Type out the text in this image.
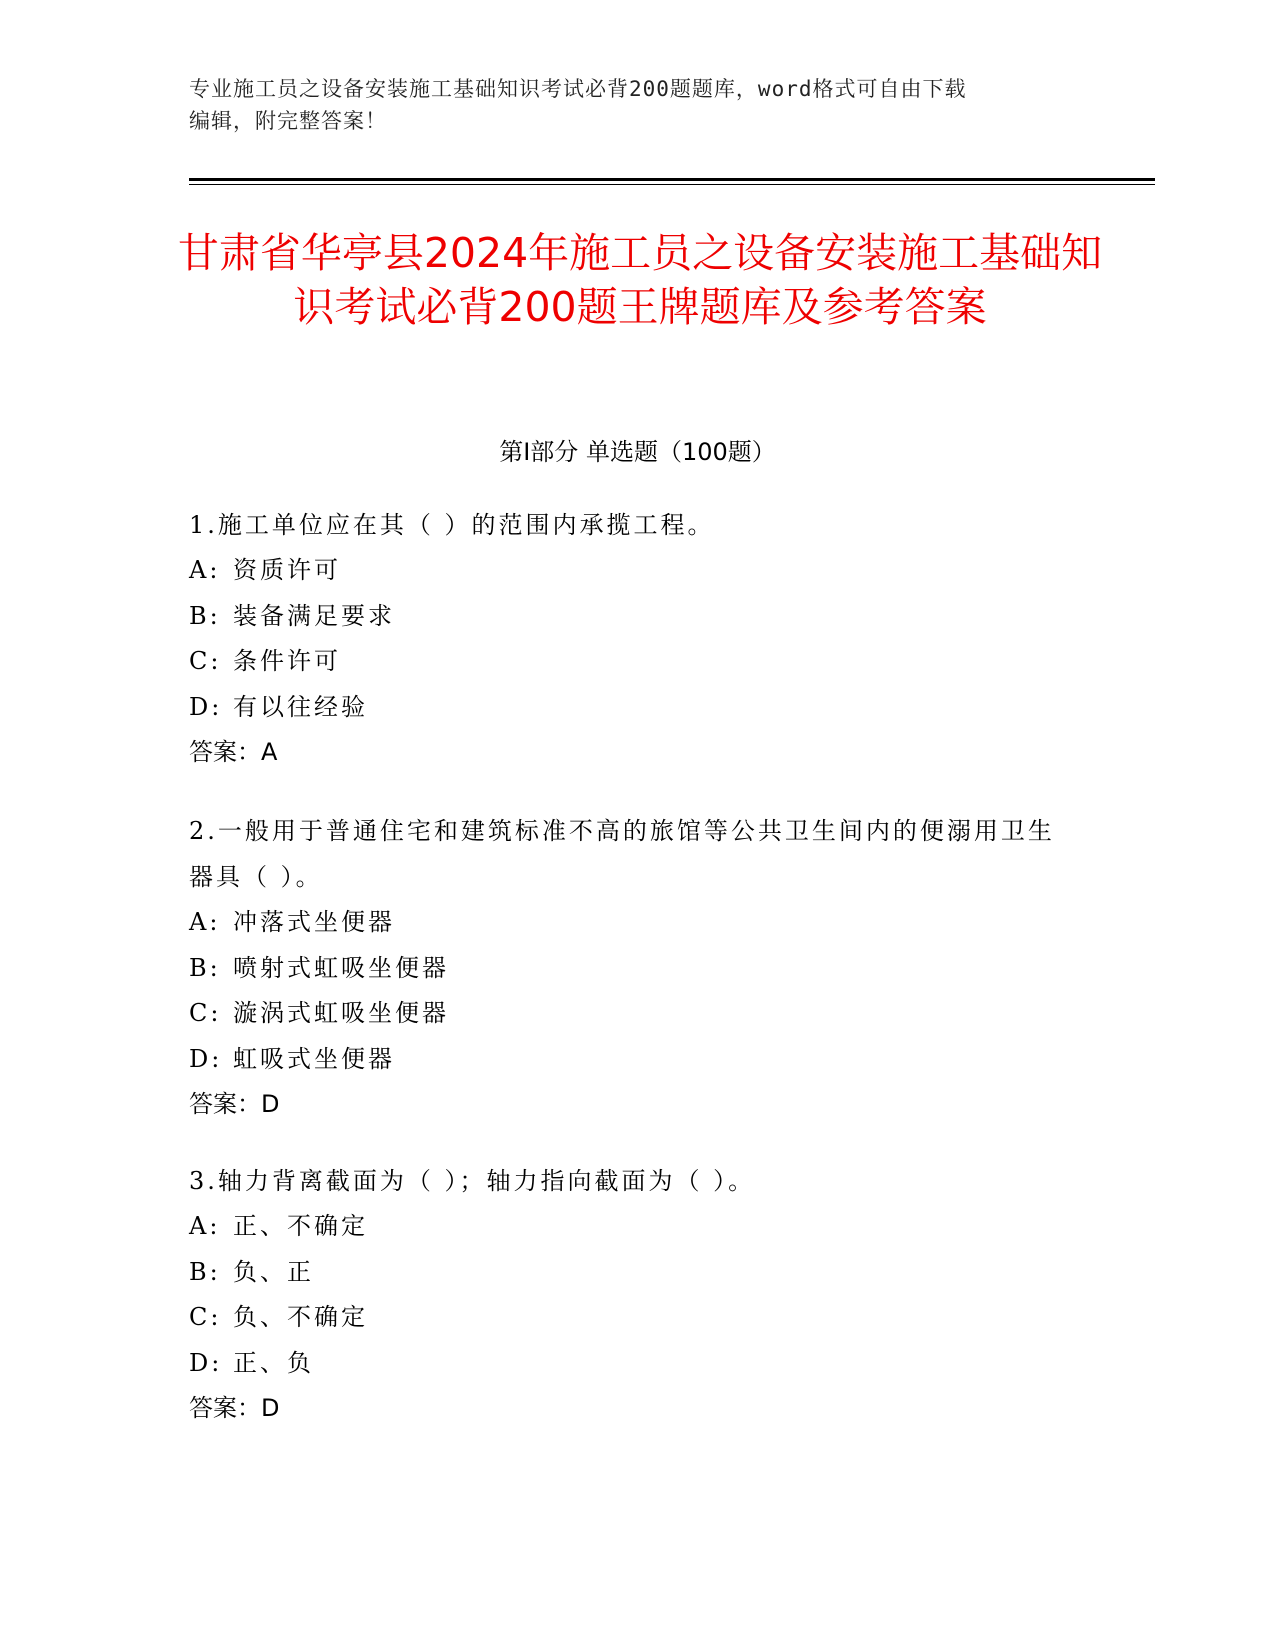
专业施工员之设备安装施工基础知识考试必背200题题库，word格式可自由下载
编辑，附完整答案！
甘肃省华亭县2024年施工员之设备安装施工基础知识考试必背200题王牌题库及参考答案
第I部分 单选题（100题）

1.施工单位应在其（ ）的范围内承揽工程。

A: 资质许可

B: 装备满足要求

C: 条件许可

D: 有以往经验

答案：A

2.一般用于普通住宅和建筑标准不高的旅馆等公共卫生间内的便溺用卫生器具（ ）。

A: 冲落式坐便器

B: 喷射式虹吸坐便器

C: 漩涡式虹吸坐便器

D: 虹吸式坐便器

答案：D

3.轴力背离截面为（ ）；轴力指向截面为（ ）。

A: 正、不确定

B: 负、正

C: 负、不确定

D: 正、负

答案：D
